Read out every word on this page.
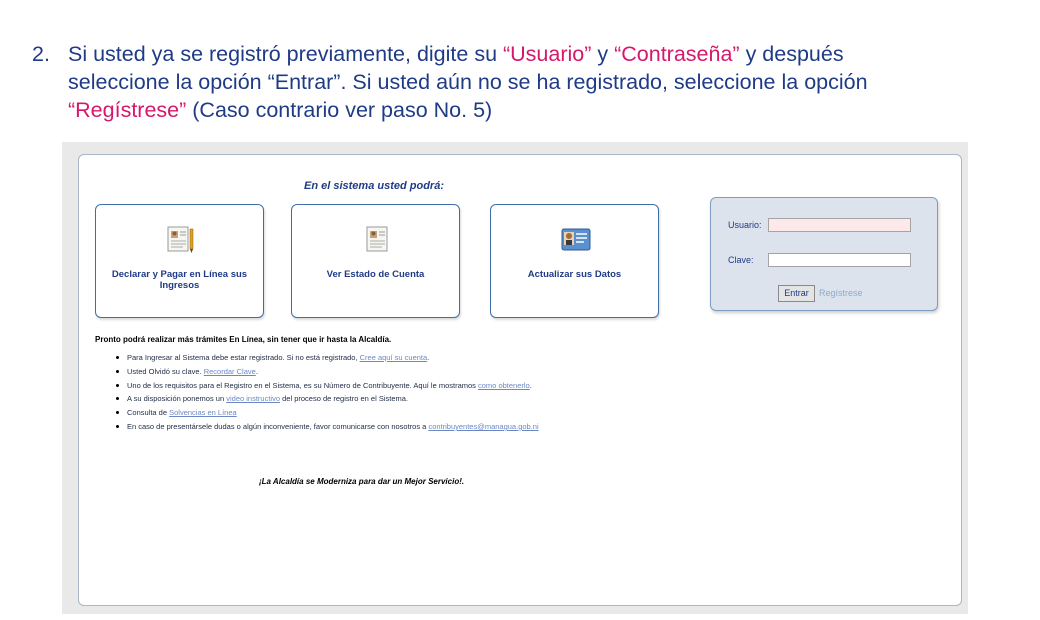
2. Si usted ya se registró previamente, digite su “Usuario” y “Contraseña” y después
seleccione la opción “Entrar”. Si usted aún no se ha registrado, seleccione la opción
“Regístrese” (Caso contrario ver paso No. 5)
En el sistema usted podrá:
Declarar y Pagar en Línea sus Ingresos
Ver Estado de Cuenta	Actualizar sus Datos
Usuario:
Clave:
Entrar	Regístrese
Pronto podrá realizar más trámites En Línea, sin tener que ir hasta la Alcaldía.
Para Ingresar al Sistema debe estar registrado. Si no está registrado, Cree aquí su cuenta.
Usted Olvidó su clave. Recordar Clave.
Uno de los requisitos para el Registro en el Sistema, es su Número de Contribuyente. Aquí le mostramos como obtenerlo.
A su disposición ponemos un video instructivo del proceso de registro en el Sistema.
Consulta de Solvencias en Línea
En caso de presentársele dudas o algún inconveniente, favor comunicarse con nosotros a contribuyentes@managua.gob.ni
¡La Alcaldía se Moderniza para dar un Mejor Servicio!.
